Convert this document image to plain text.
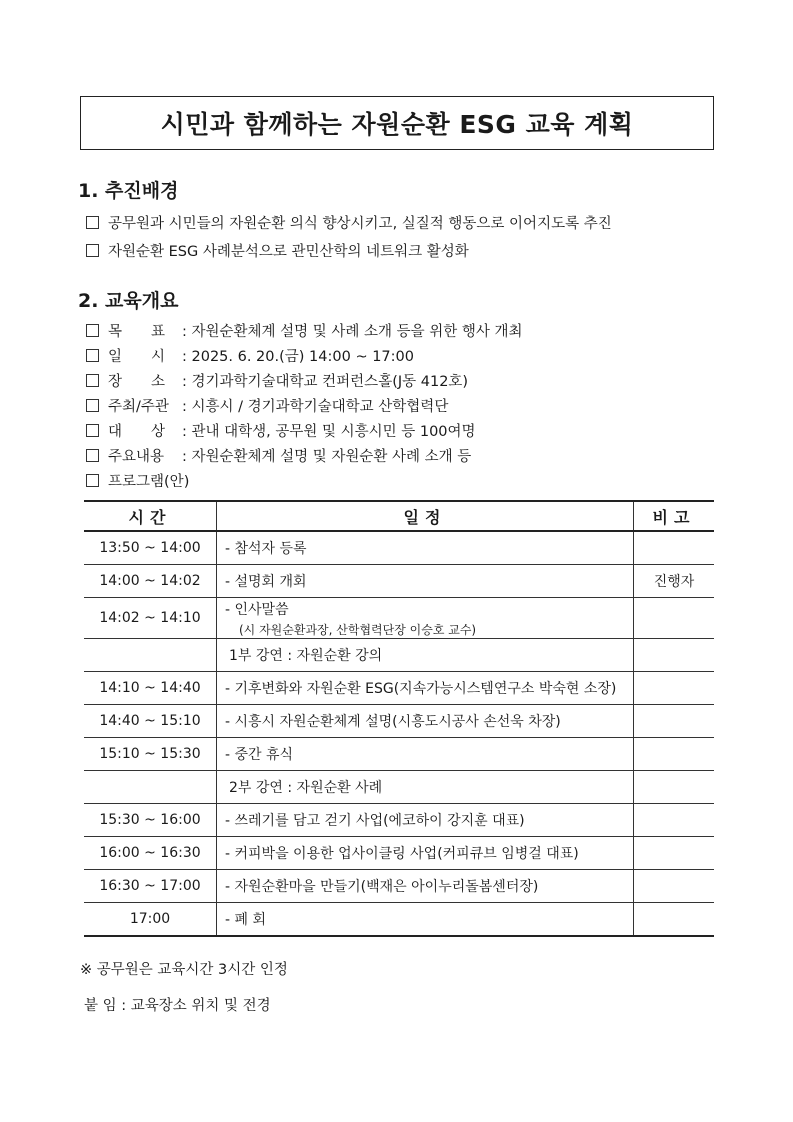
시민과 함께하는 자원순환 ESG 교육 계획
1. 추진배경
공무원과 시민들의 자원순환 의식 향상시키고, 실질적 행동으로 이어지도록 추진
자원순환 ESG 사례분석으로 관민산학의 네트워크 활성화
2. 교육개요
목　　표 : 자원순환체계 설명 및 사례 소개 등을 위한 행사 개최
일　　시 : 2025. 6. 20.(금) 14:00 ~ 17:00
장　　소 : 경기과학기술대학교 컨퍼런스홀(J동 412호)
주최/주관 : 시흥시 / 경기과학기술대학교 산학협력단
대　　상 : 관내 대학생, 공무원 및 시흥시민 등 100여명
주요내용 : 자원순환체계 설명 및 자원순환 사례 소개 등
프로그램(안)
시간	일정	비고
13:50 ~ 14:00	- 참석자 등록	
14:00 ~ 14:02	- 설명회 개회	진행자
14:02 ~ 14:10	- 인사말씀
(시 자원순환과장, 산학협력단장 이승호 교수)	

	1부 강연 : 자원순환 강의	
14:10 ~ 14:40	- 기후변화와 자원순환 ESG(지속가능시스템연구소 박숙현 소장)	
14:40 ~ 15:10	- 시흥시 자원순환체계 설명(시흥도시공사 손선욱 차장)	
15:10 ~ 15:30	- 중간 휴식	
	2부 강연 : 자원순환 사례	
15:30 ~ 16:00	- 쓰레기를 담고 걷기 사업(에코하이 강지훈 대표)	
16:00 ~ 16:30	- 커피박을 이용한 업사이클링 사업(커피큐브 임병걸 대표)	
16:30 ~ 17:00	- 자원순환마을 만들기(백재은 아이누리돌봄센터장)	
17:00	- 폐 회	
※ 공무원은 교육시간 3시간 인정
붙 임 : 교육장소 위치 및 전경
